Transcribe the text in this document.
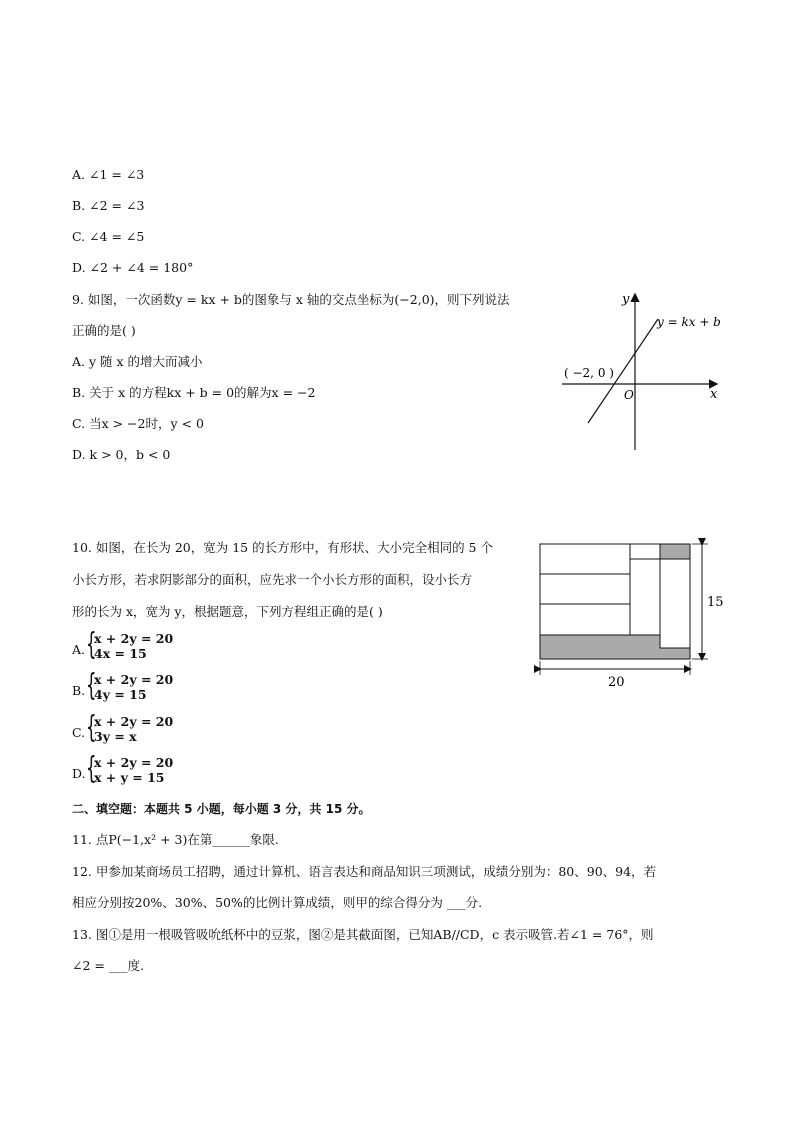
A. ∠1 = ∠3
B. ∠2 = ∠3
C. ∠4 = ∠5
D. ∠2 + ∠4 = 180°
9. 如图，一次函数y = kx + b的图象与 x 轴的交点坐标为(−2,0)，则下列说法
正确的是( )
A. y 随 x 的增大而减小
B. 关于 x 的方程kx + b = 0的解为x = −2
C. 当x > −2时，y < 0
D. k > 0，b < 0
y
x
O
y = kx + b
( −2, 0 )
10. 如图，在长为 20，宽为 15 的长方形中，有形状、大小完全相同的 5 个
小长方形，若求阴影部分的面积，应先求一个小长方形的面积，设小长方
形的长为 x，宽为 y，根据题意，下列方程组正确的是( )
A. {
x + 2y = 20
4x = 15
B. {
x + 2y = 20
4y = 15
C. {
x + 2y = 20
3y = x
D. {
x + 2y = 20
x + y = 15
15
20
二、填空题：本题共 5 小题，每小题 3 分，共 15 分。
11. 点P(−1,x² + 3)在第______象限.
12. 甲参加某商场员工招聘，通过计算机、语言表达和商品知识三项测试，成绩分别为：80、90、94，若
相应分别按20%、30%、50%的比例计算成绩，则甲的综合得分为 ___分.
13. 图①是用一根吸管吸吮纸杯中的豆浆，图②是其截面图，已知AB//CD，c 表示吸管.若∠1 = 76°，则
∠2 = ___度.
